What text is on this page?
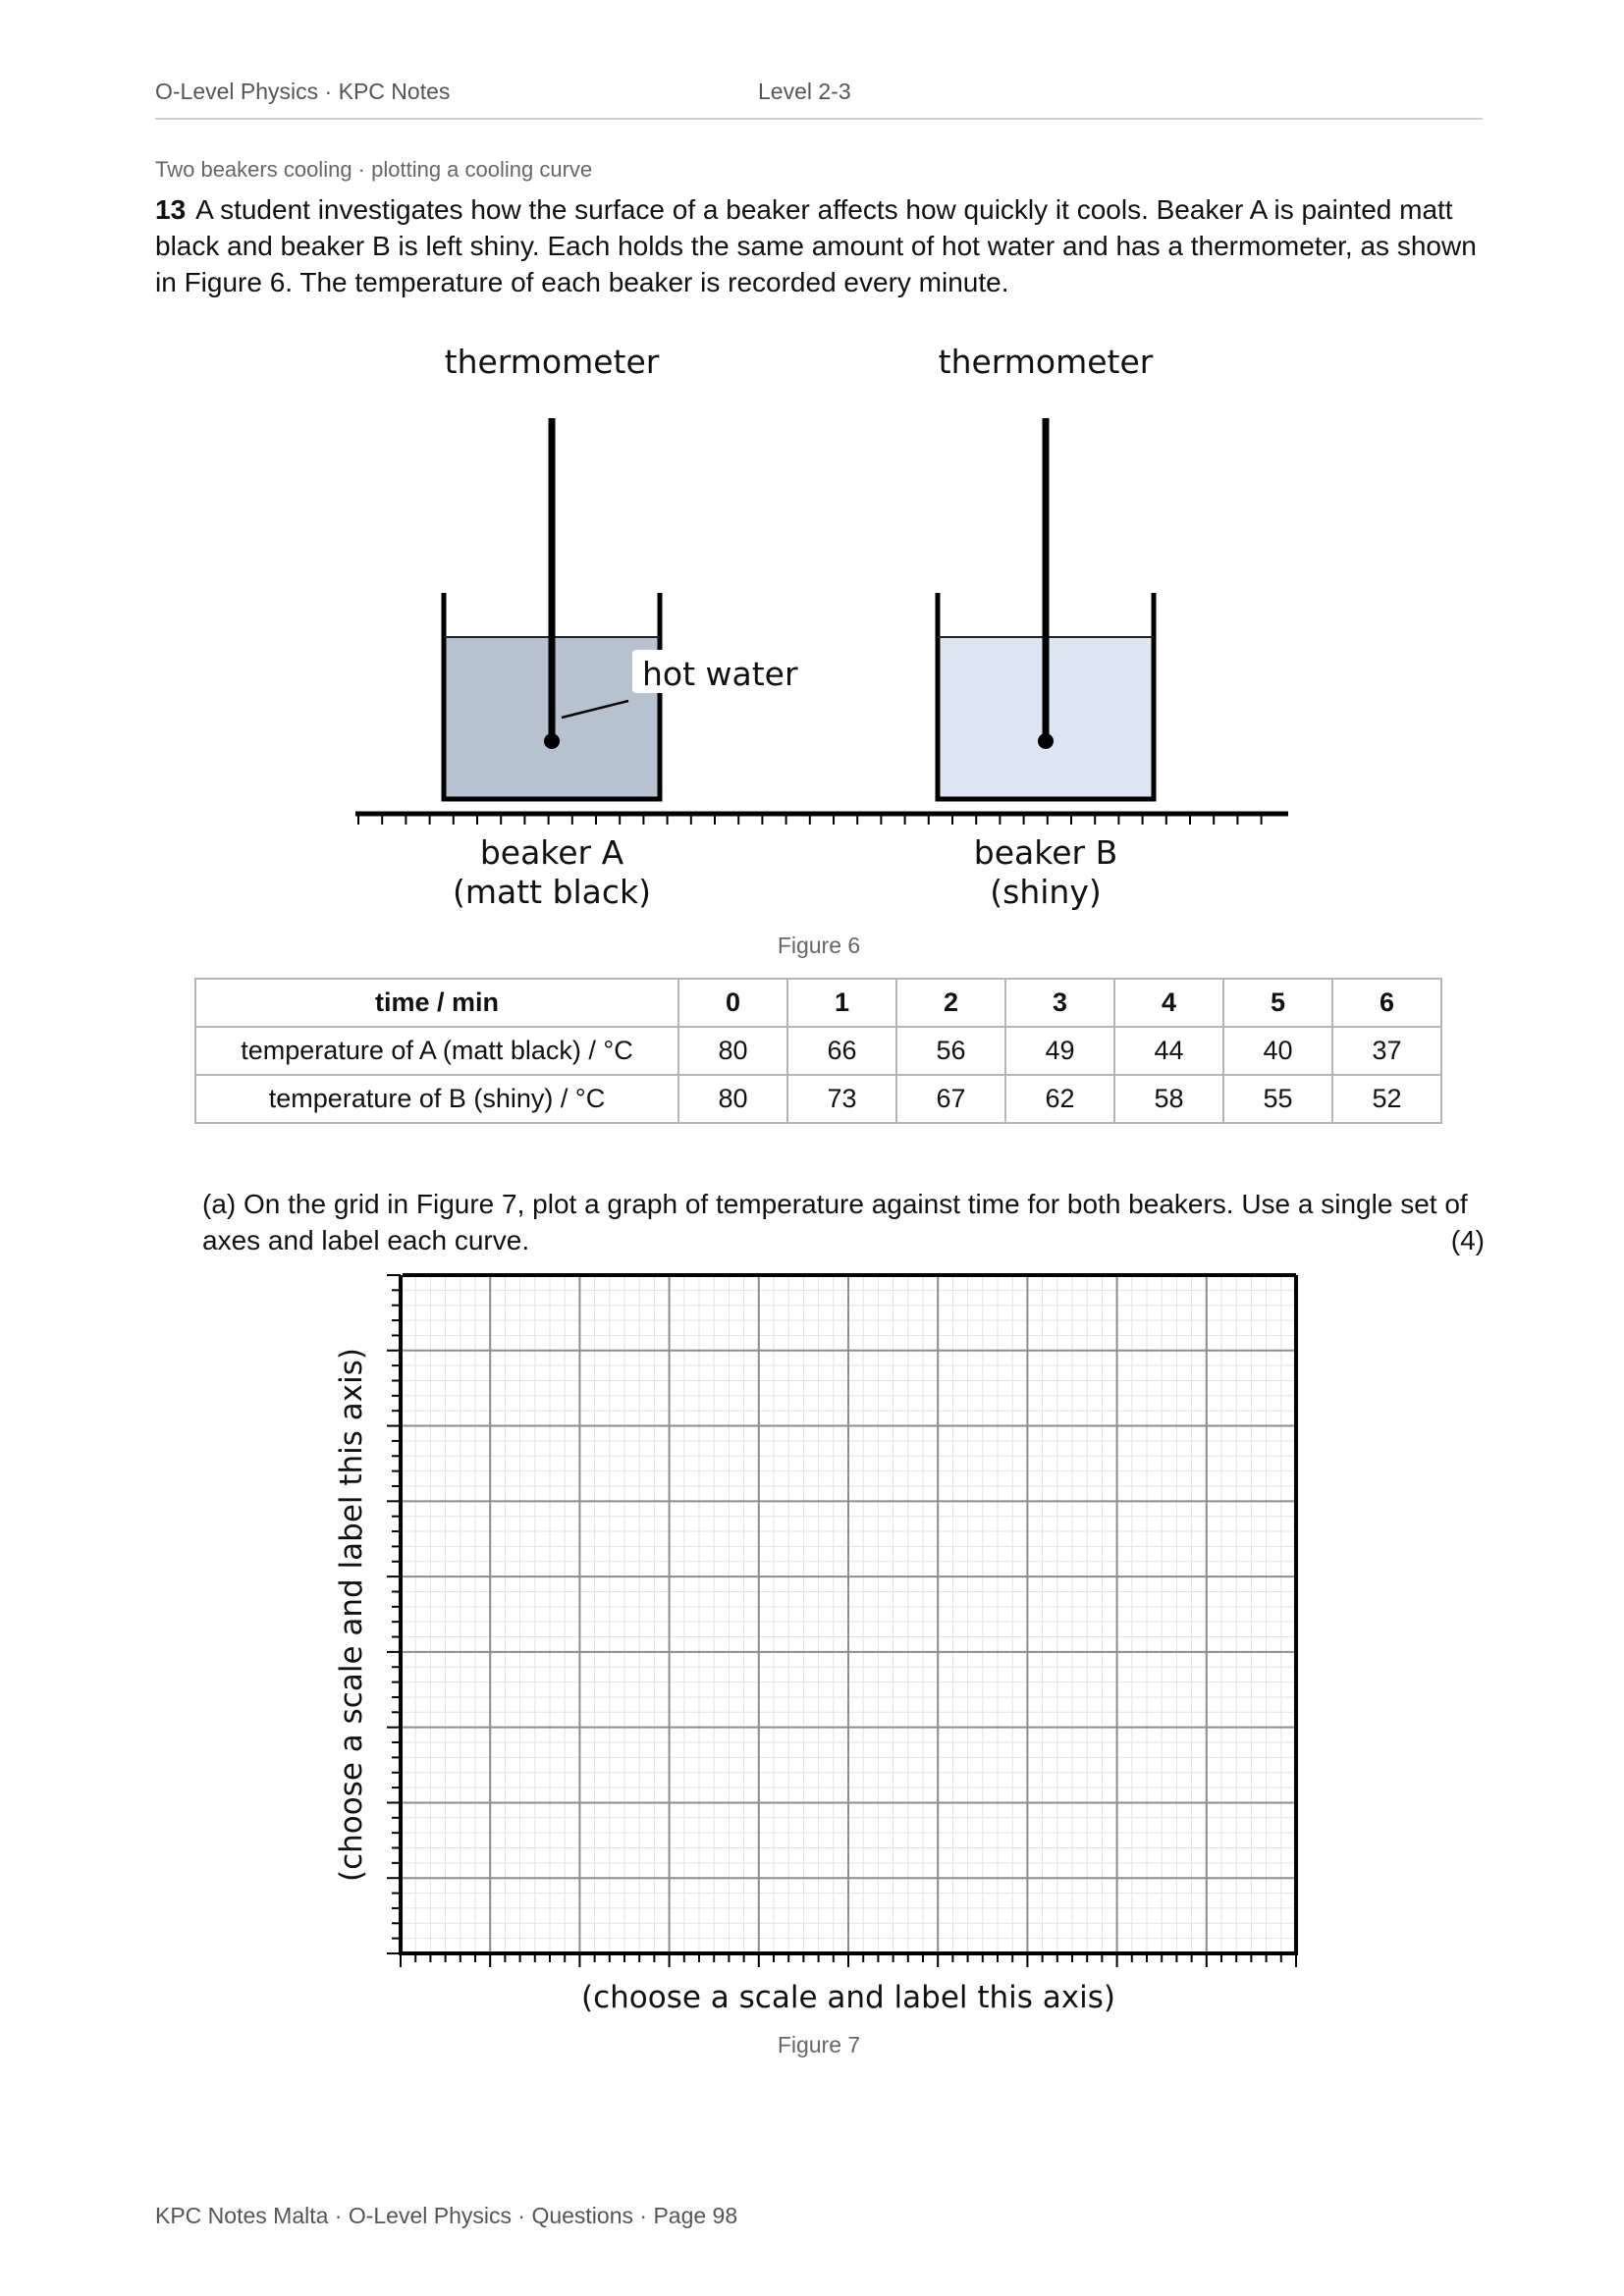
O-Level Physics · KPC Notes	Level 2-3
Two beakers cooling · plotting a cooling curve
13 A student investigates how the surface of a beaker affects how quickly it cools. Beaker A is painted matt black and beaker B is left shiny. Each holds the same amount of hot water and has a thermometer, as shown in Figure 6. The temperature of each beaker is recorded every minute.
thermometer	thermometer
hot water
beaker A
(matt black)
beaker B
(shiny)
Figure 6
time / min	0	1	2	3	4	5	6
temperature of A (matt black) / °C	80	66	56	49	44	40	37
temperature of B (shiny) / °C	80	73	67	62	58	55	52
(a) On the grid in Figure 7, plot a graph of temperature against time for both beakers. Use a single set of axes and label each curve.	(4)
(choose a scale and label this axis)
(choose a scale and label this axis)
Figure 7
KPC Notes Malta · O-Level Physics · Questions · Page 98
